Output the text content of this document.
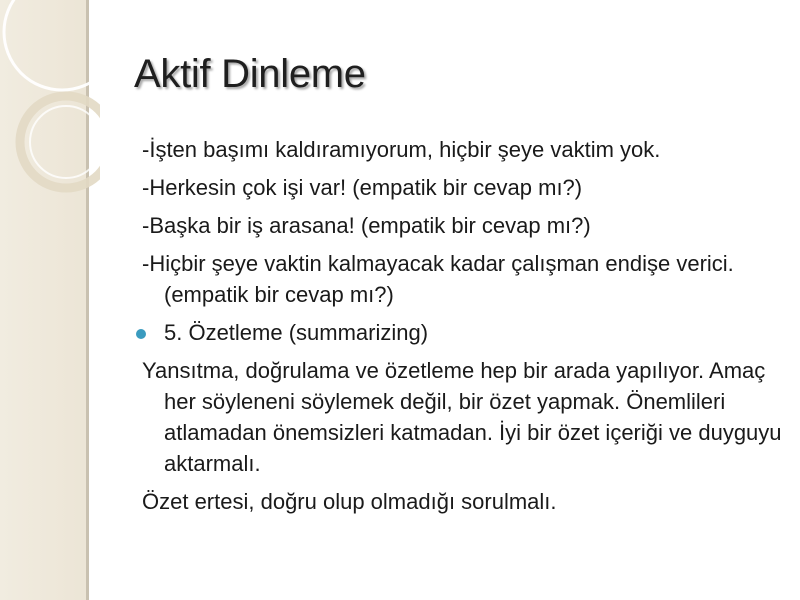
Aktif Dinleme
-İşten başımı kaldıramıyorum, hiçbir şeye vaktim yok.
-Herkesin çok işi var! (empatik bir cevap mı?)
-Başka bir iş arasana! (empatik bir cevap mı?)
-Hiçbir şeye vaktin kalmayacak kadar çalışman endişe verici. (empatik bir cevap mı?)
5. Özetleme (summarizing)
Yansıtma, doğrulama ve özetleme hep bir arada yapılıyor. Amaç her söyleneni söylemek değil, bir özet yapmak. Önemlileri atlamadan önemsizleri katmadan. İyi bir özet içeriği ve duyguyu aktarmalı.
Özet ertesi, doğru olup olmadığı sorulmalı.
